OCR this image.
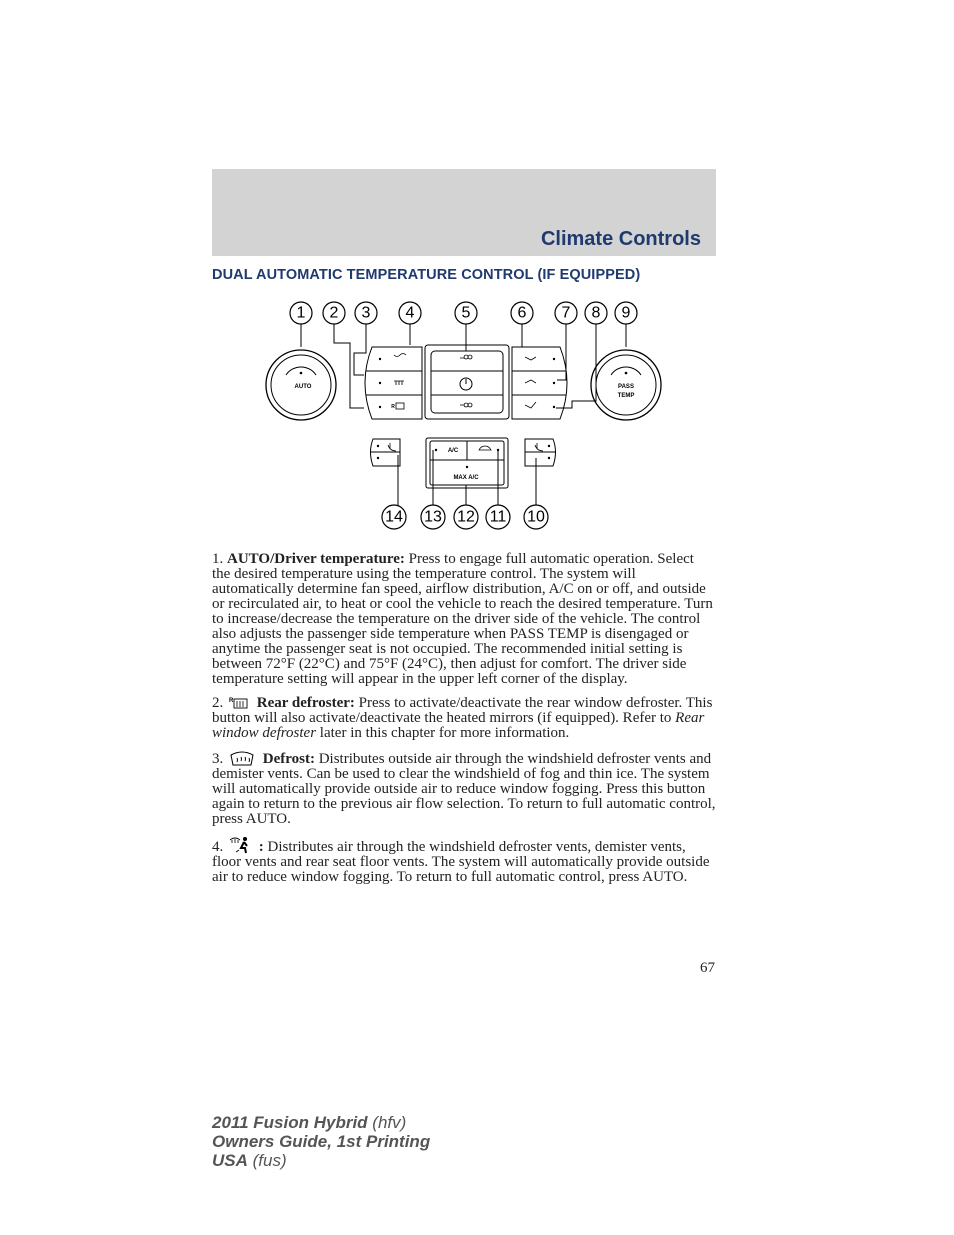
Climate Controls
DUAL AUTOMATIC TEMPERATURE CONTROL (IF EQUIPPED)
AUTO	PASS
TEMP
A/C
MAX A/C
R
1 2 3 4	5	6 7 8 9
10
11
12
13
14

1. AUTO/Driver temperature: Press to engage full automatic operation. Select the desired temperature using the temperature control. The system will automatically determine fan speed, airflow distribution, A/C on or off, and outside or recirculated air, to heat or cool the vehicle to reach the desired temperature. Turn to increase/decrease the temperature on the driver side of the vehicle. The control also adjusts the passenger side temperature when PASS TEMP is disengaged or anytime the passenger seat is not occupied. The recommended initial setting is between 72°F (22°C) and 75°F (24°C), then adjust for comfort. The driver side temperature setting will appear in the upper left corner of the display.

2. R Rear defroster: Press to activate/deactivate the rear window defroster. This button will also activate/deactivate the heated mirrors (if equipped). Refer to Rear window defroster later in this chapter for more information.

3.	Defrost: Distributes outside air through the windshield defroster vents and demister vents. Can be used to clear the windshield of fog and thin ice. The system will automatically provide outside air to reduce window fogging. Press this button again to return to the previous air flow selection. To return to full automatic control, press AUTO.

4. : Distributes air through the windshield defroster vents, demister vents, floor vents and rear seat floor vents. The system will automatically provide outside air to reduce window fogging. To return to full automatic control, press AUTO.

67
2011 Fusion Hybrid (hfv)
Owners Guide, 1st Printing
USA (fus)
